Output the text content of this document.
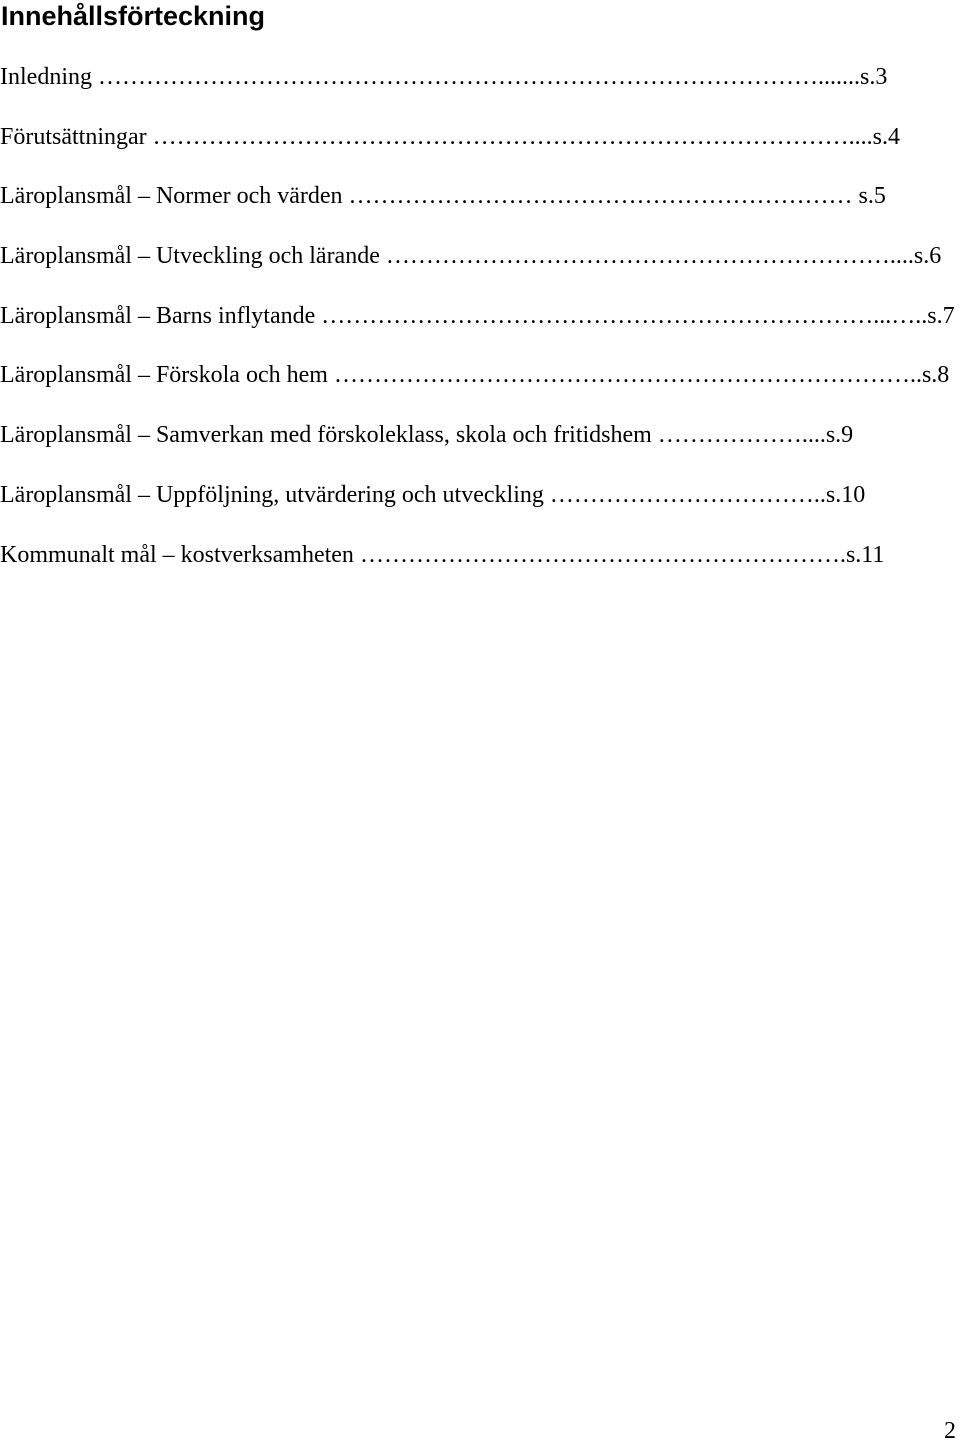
Innehållsförteckning
Inledning ……………………………………………………………………………….......s.3
Förutsättningar ……………………………………………………………………………....s.4
Läroplansmål – Normer och värden ……………………………………………………… s.5
Läroplansmål – Utveckling och lärande ………………………………………………………....s.6
Läroplansmål – Barns inflytande ……………………………………………………………...…..s.7
Läroplansmål – Förskola och hem ………………………………………………………………..s.8
Läroplansmål – Samverkan med förskoleklass, skola och fritidshem ………………....s.9
Läroplansmål – Uppföljning, utvärdering och utveckling ……………………………..s.10
Kommunalt mål – kostverksamheten …………………………………………………….s.11
2
